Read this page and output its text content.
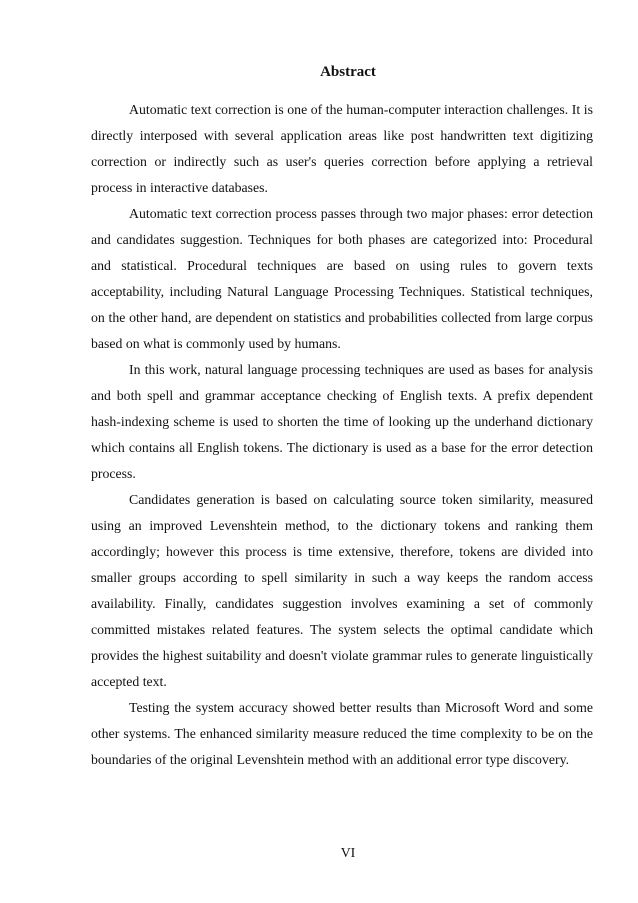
Abstract

Automatic text correction is one of the human-computer interaction challenges. It is directly interposed with several application areas like post handwritten text digitizing correction or indirectly such as user's queries correction before applying a retrieval process in interactive databases.

Automatic text correction process passes through two major phases: error detection and candidates suggestion. Techniques for both phases are categorized into: Procedural and statistical. Procedural techniques are based on using rules to govern texts acceptability, including Natural Language Processing Techniques. Statistical techniques, on the other hand, are dependent on statistics and probabilities collected from large corpus based on what is commonly used by humans.

In this work, natural language processing techniques are used as bases for analysis and both spell and grammar acceptance checking of English texts. A prefix dependent hash-indexing scheme is used to shorten the time of looking up the underhand dictionary which contains all English tokens. The dictionary is used as a base for the error detection process.

Candidates generation is based on calculating source token similarity, measured using an improved Levenshtein method, to the dictionary tokens and ranking them accordingly; however this process is time extensive, therefore, tokens are divided into smaller groups according to spell similarity in such a way keeps the random access availability. Finally, candidates suggestion involves examining a set of commonly committed mistakes related features. The system selects the optimal candidate which provides the highest suitability and doesn't violate grammar rules to generate linguistically accepted text.

Testing the system accuracy showed better results than Microsoft Word and some other systems. The enhanced similarity measure reduced the time complexity to be on the boundaries of the original Levenshtein method with an additional error type discovery.

VI
